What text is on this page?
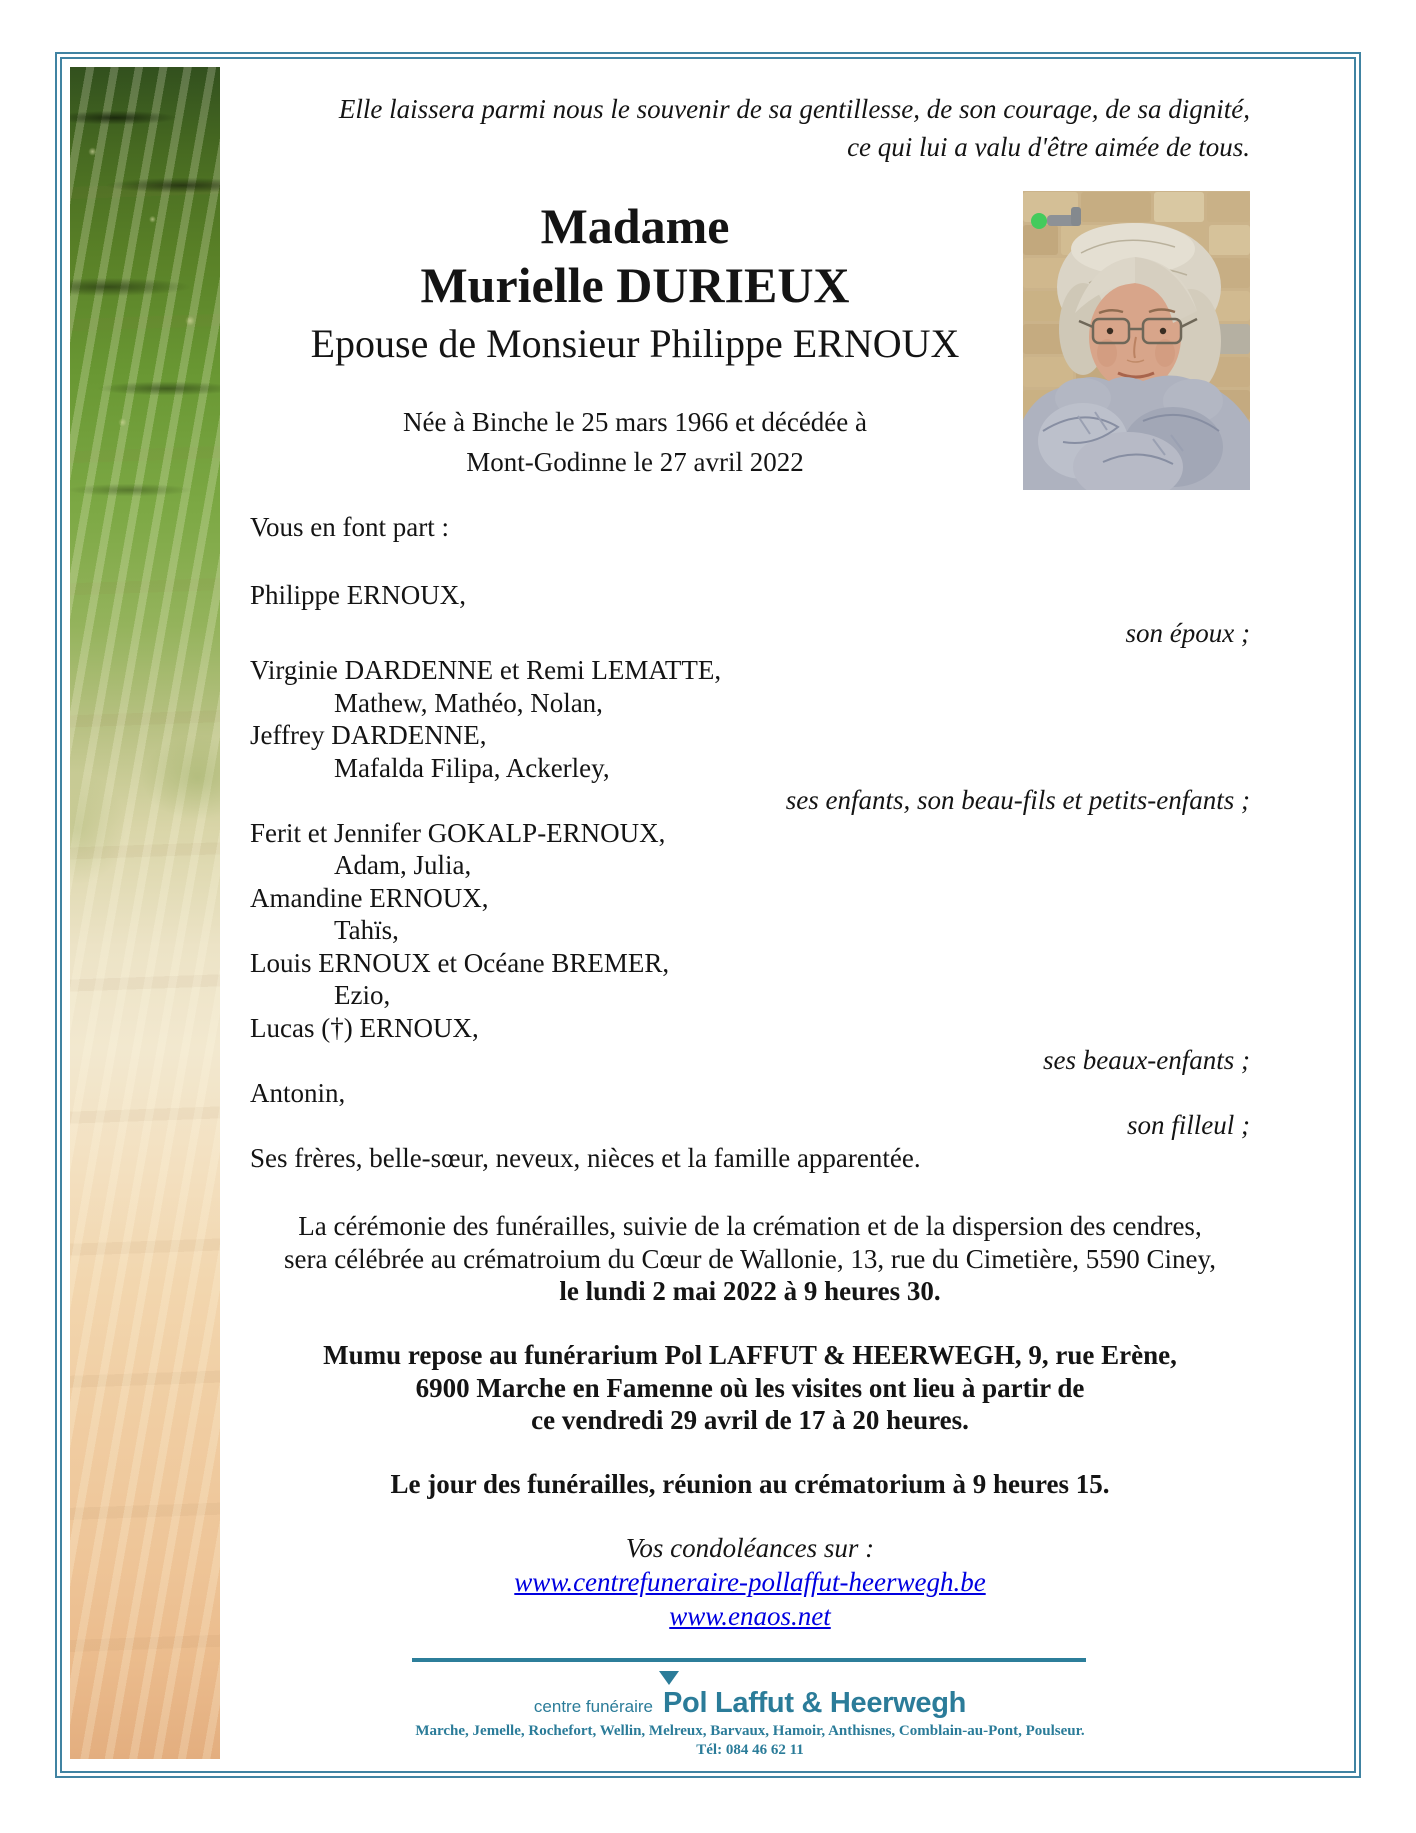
Elle laissera parmi nous le souvenir de sa gentillesse, de son courage, de sa dignité,
ce qui lui a valu d'être aimée de tous.
Madame
Murielle DURIEUX
Epouse de Monsieur Philippe ERNOUX
Née à Binche le 25 mars 1966 et décédée à
Mont-Godinne le 27 avril 2022
Vous en font part :
Philippe ERNOUX,
son époux ;
Virginie DARDENNE et Remi LEMATTE,
Mathew, Mathéo, Nolan,
Jeffrey DARDENNE,
Mafalda Filipa, Ackerley,
ses enfants, son beau-fils et petits-enfants ;
Ferit et Jennifer GOKALP-ERNOUX,
Adam, Julia,
Amandine ERNOUX,
Tahïs,
Louis ERNOUX et Océane BREMER,
Ezio,
Lucas (†) ERNOUX,
ses beaux-enfants ;
Antonin,
son filleul ;
Ses frères, belle-sœur, neveux, nièces et la famille apparentée.
La cérémonie des funérailles, suivie de la crémation et de la dispersion des cendres,
sera célébrée au crématroium du Cœur de Wallonie, 13, rue du Cimetière, 5590 Ciney,
le lundi 2 mai 2022 à 9 heures 30.
Mumu repose au funérarium Pol LAFFUT & HEERWEGH, 9, rue Erène,
6900 Marche en Famenne où les visites ont lieu à partir de
ce vendredi 29 avril de 17 à 20 heures.
Le jour des funérailles, réunion au crématorium à 9 heures 15.
Vos condoléances sur :
www.centrefuneraire-pollaffut-heerwegh.be
www.enaos.net
centre funéraire Pol Laffut & Heerwegh
Marche, Jemelle, Rochefort, Wellin, Melreux, Barvaux, Hamoir, Anthisnes, Comblain-au-Pont, Poulseur.
Tél: 084 46 62 11
